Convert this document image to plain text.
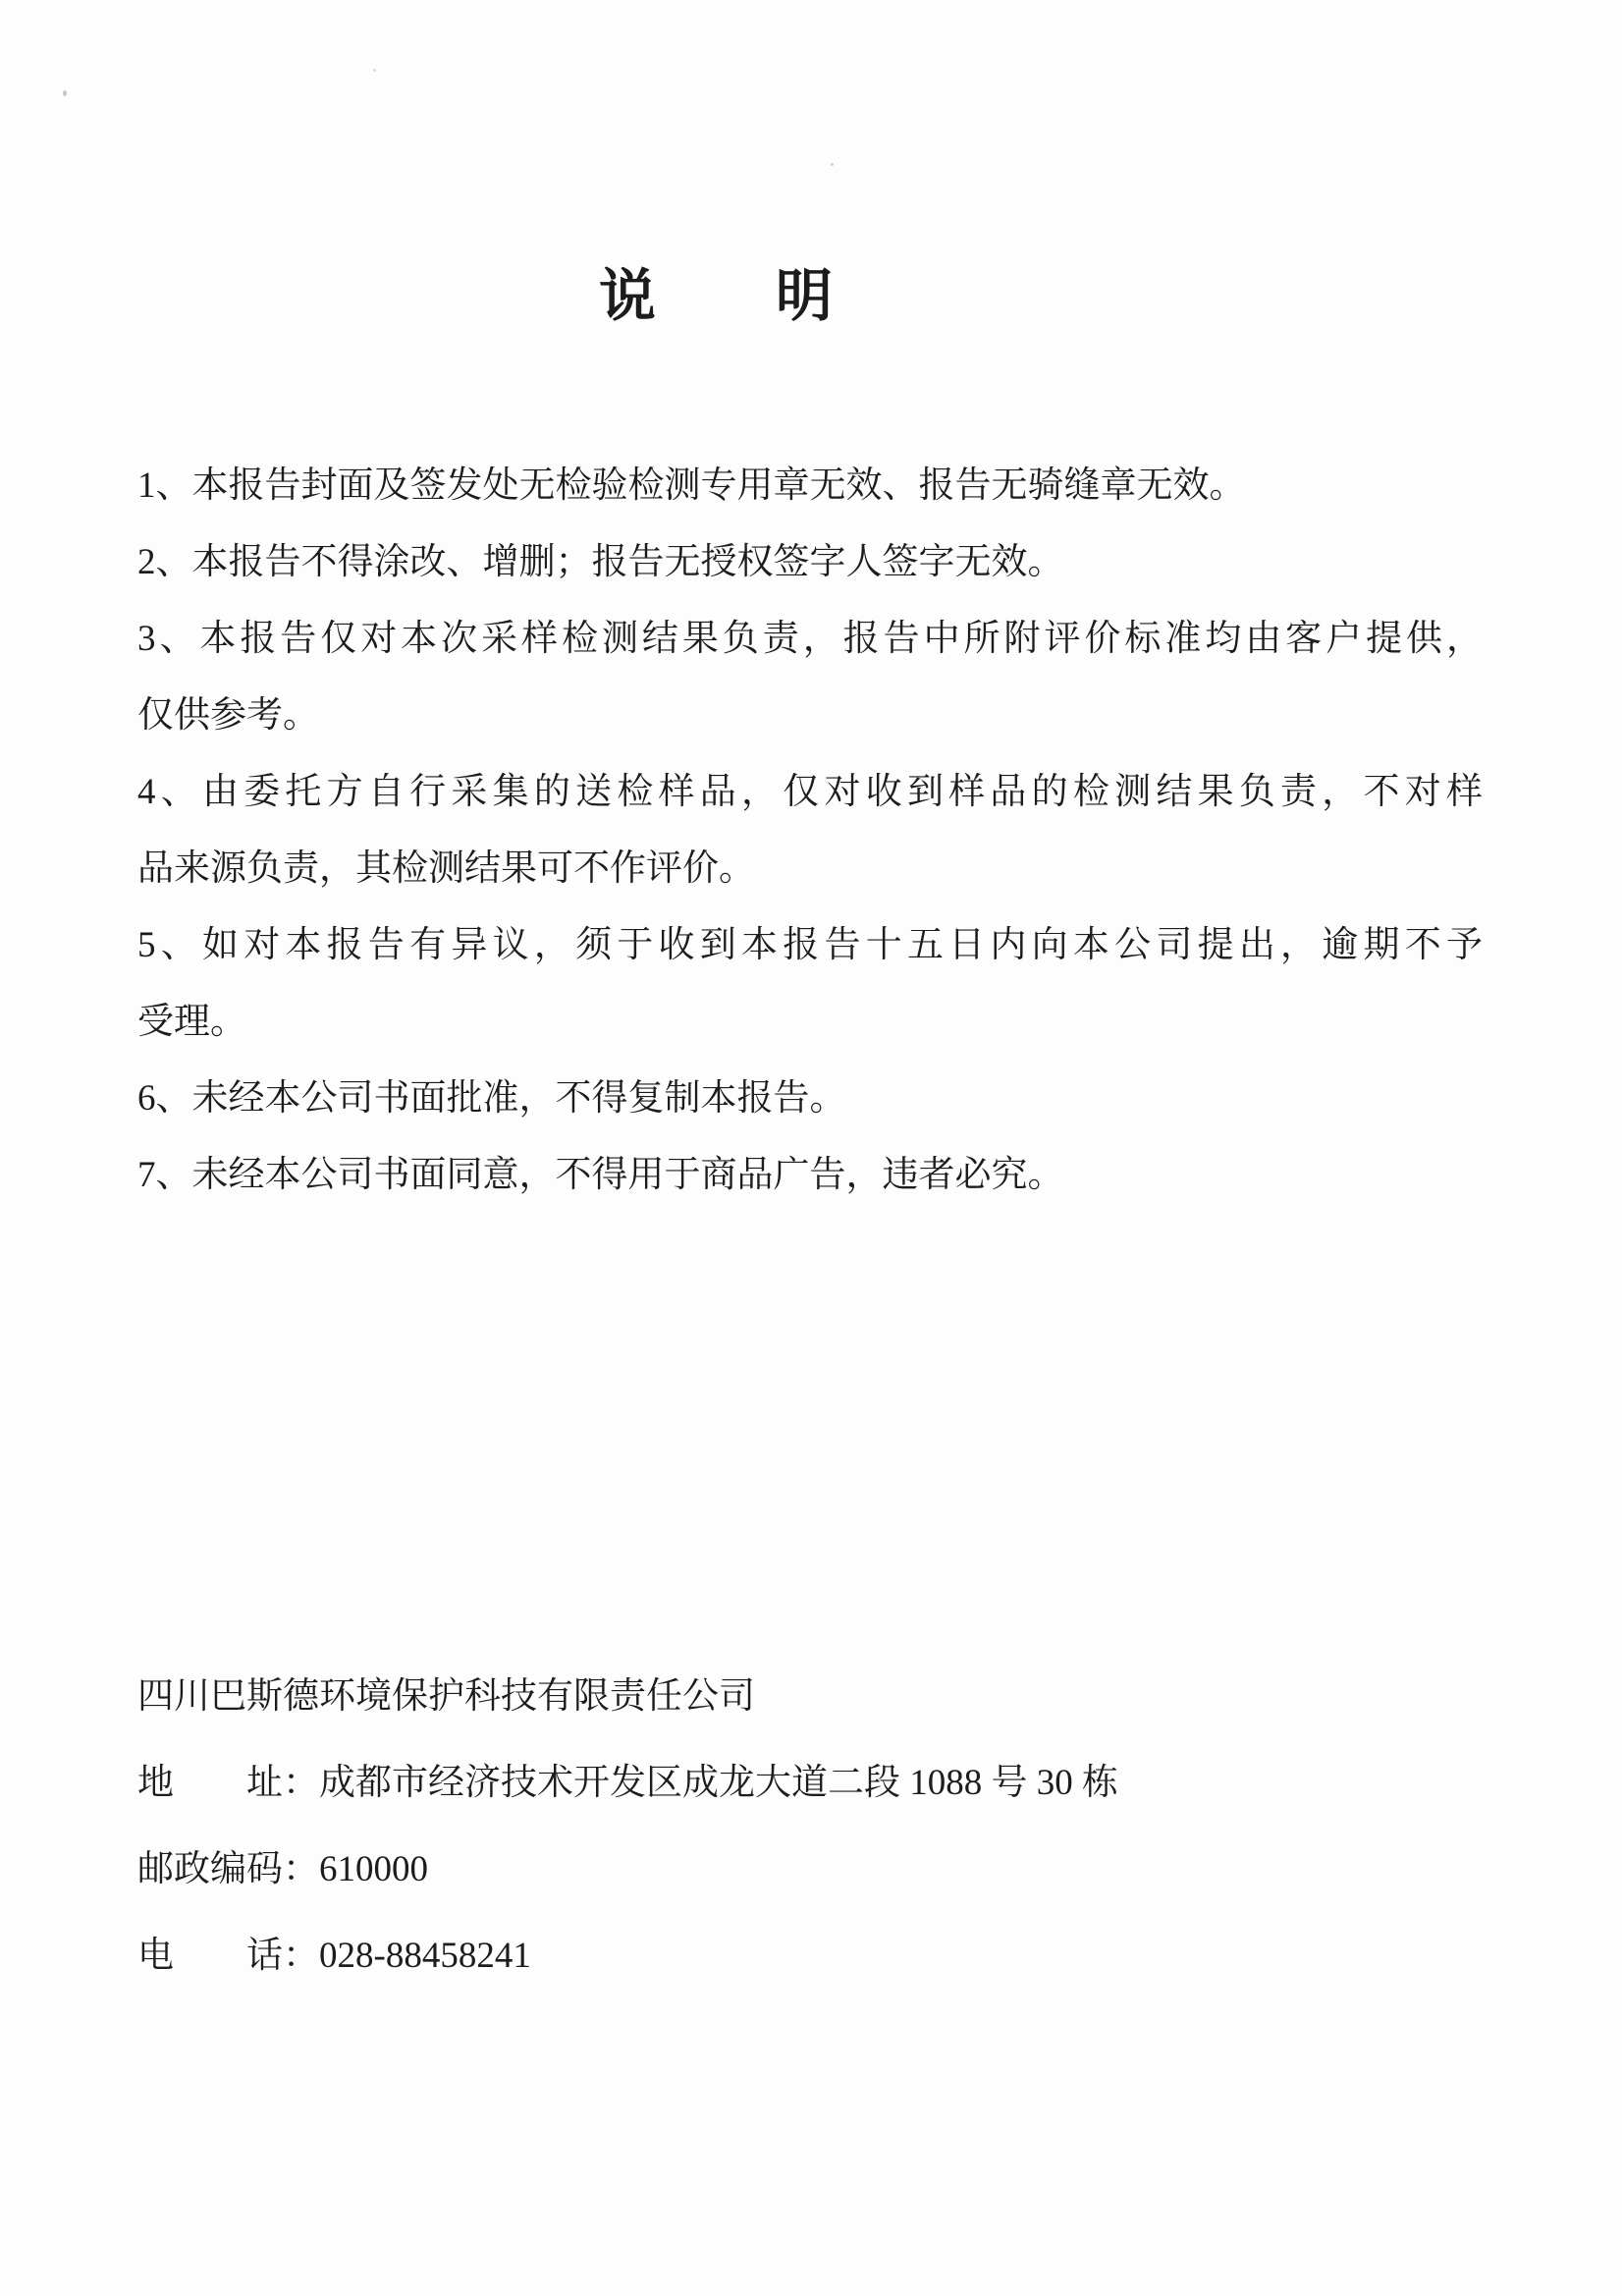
说　　明
1、本报告封面及签发处无检验检测专用章无效、报告无骑缝章无效。
2、本报告不得涂改、增删；报告无授权签字人签字无效。
3、本报告仅对本次采样检测结果负责，报告中所附评价标准均由客户提供，
仅供参考。
4、由委托方自行采集的送检样品，仅对收到样品的检测结果负责，不对样
品来源负责，其检测结果可不作评价。
5、如对本报告有异议，须于收到本报告十五日内向本公司提出，逾期不予
受理。
6、未经本公司书面批准，不得复制本报告。
7、未经本公司书面同意，不得用于商品广告，违者必究。

四川巴斯德环境保护科技有限责任公司

地　　址：成都市经济技术开发区成龙大道二段 1088 号 30 栋

邮政编码：610000

电　　话：028-88458241
